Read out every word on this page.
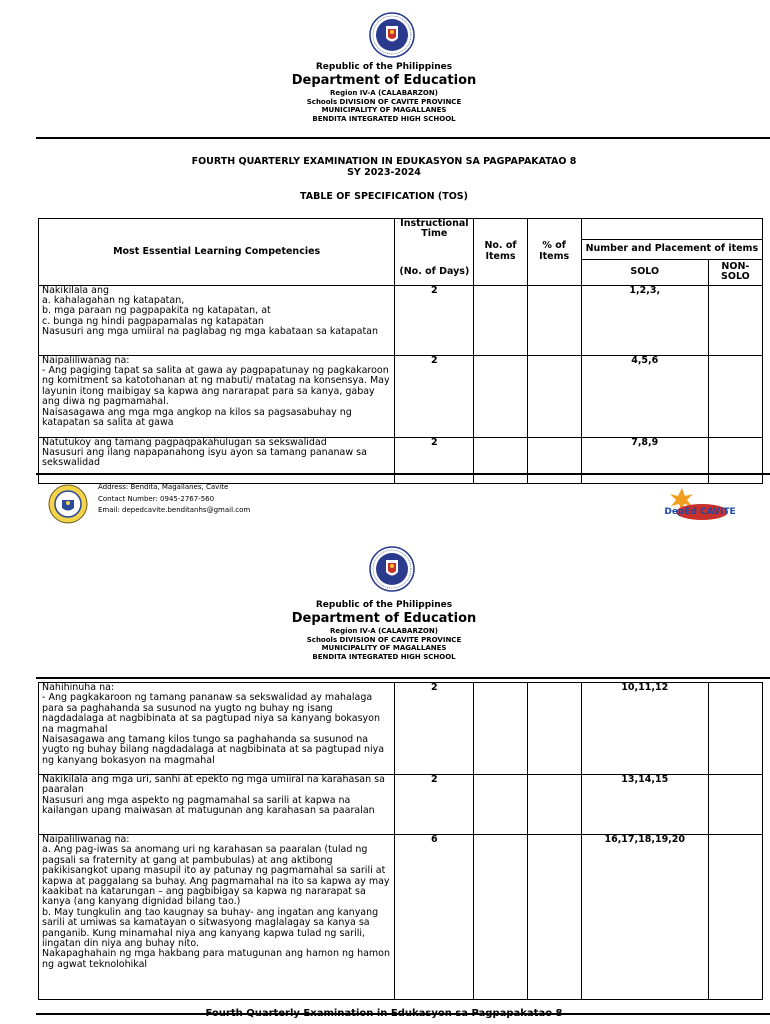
Republic of the Philippines
Department of Education
Region IV-A (CALABARZON)
Schools DIVISION OF CAVITE PROVINCE
MUNICIPALITY OF MAGALLANES
BENDITA INTEGRATED HIGH SCHOOL
FOURTH QUARTERLY EXAMINATION IN EDUKASYON SA PAGPAPAKATAO 8
SY 2023-2024
TABLE OF SPECIFICATION (TOS)
Most Essential Learning Competencies	Instructional Time	No. of Items	% of Items		
				Number and Placement of items	
	(No. of Days)			SOLO	NON-SOLO
Nakikilala ang
a. kahalagahan ng katapatan,
b. mga paraan ng pagpapakita ng katapatan, at
c. bunga ng hindi pagpapamalas ng katapatan
Nasusuri ang mga umiiral na paglabag ng mga kabataan sa katapatan	2			1,2,3,	
Naipaliliwanag na:
- Ang pagiging tapat sa salita at gawa ay pagpapatunay ng pagkakaroon ng komitment sa katotohanan at ng mabuti/ matatag na konsensya. May layunin itong maibigay sa kapwa ang nararapat para sa kanya, gabay ang diwa ng pagmamahal.
Naisasagawa ang mga mga angkop na kilos sa pagsasabuhay ng katapatan sa salita at gawa	2			4,5,6	
Natutukoy ang tamang pagpaqpakahulugan sa sekswalidad
Nasusuri ang ilang napapanahong isyu ayon sa tamang pananaw sa sekswalidad	2			7,8,9	
Address: Bendita, Magallanes, Cavite
Contact Number: 0945-2767-560
Email: depedcavite.benditanhs@gmail.com	DepEd CAVITE
Republic of the Philippines
Department of Education
Region IV-A (CALABARZON)
Schools DIVISION OF CAVITE PROVINCE
MUNICIPALITY OF MAGALLANES
BENDITA INTEGRATED HIGH SCHOOL
Nahihinuha na:
- Ang pagkakaroon ng tamang pananaw sa sekswalidad ay mahalaga para sa paghahanda sa susunod na yugto ng buhay ng isang nagdadalaga at nagbibinata at sa pagtupad niya sa kanyang bokasyon na magmahal
Naisasagawa ang tamang kilos tungo sa paghahanda sa susunod na yugto ng buhay bilang nagdadalaga at nagbibinata at sa pagtupad niya ng kanyang bokasyon na magmahal	2			10,11,12	
Nakikilala ang mga uri, sanhi at epekto ng mga umiiral na karahasan sa paaralan
Nasusuri ang mga aspekto ng pagmamahal sa sarili at kapwa na kailangan upang maiwasan at matugunan ang karahasan sa paaralan	2			13,14,15	
Naipaliliwanag na:
a. Ang pag-iwas sa anomang uri ng karahasan sa paaralan (tulad ng pagsali sa fraternity at gang at pambubulas) at ang aktibong pakikisangkot upang masupil ito ay patunay ng pagmamahal sa sarili at kapwa at paggalang sa buhay. Ang pagmamahal na ito sa kapwa ay may kaakibat na katarungan – ang pagbibigay sa kapwa ng nararapat sa kanya (ang kanyang dignidad bilang tao.)
b. May tungkulin ang tao kaugnay sa buhay- ang ingatan ang kanyang sarili at umiwas sa kamatayan o sitwasyong maglalagay sa kanya sa panganib. Kung minamahal niya ang kanyang kapwa tulad ng sarili, iingatan din niya ang buhay nito.
Nakapaghahain ng mga hakbang para matugunan ang hamon ng hamon ng agwat teknolohikal	6			16,17,18,19,20	
Fourth Quarterly Examination in Edukasyon sa Pagpapakatao 8
